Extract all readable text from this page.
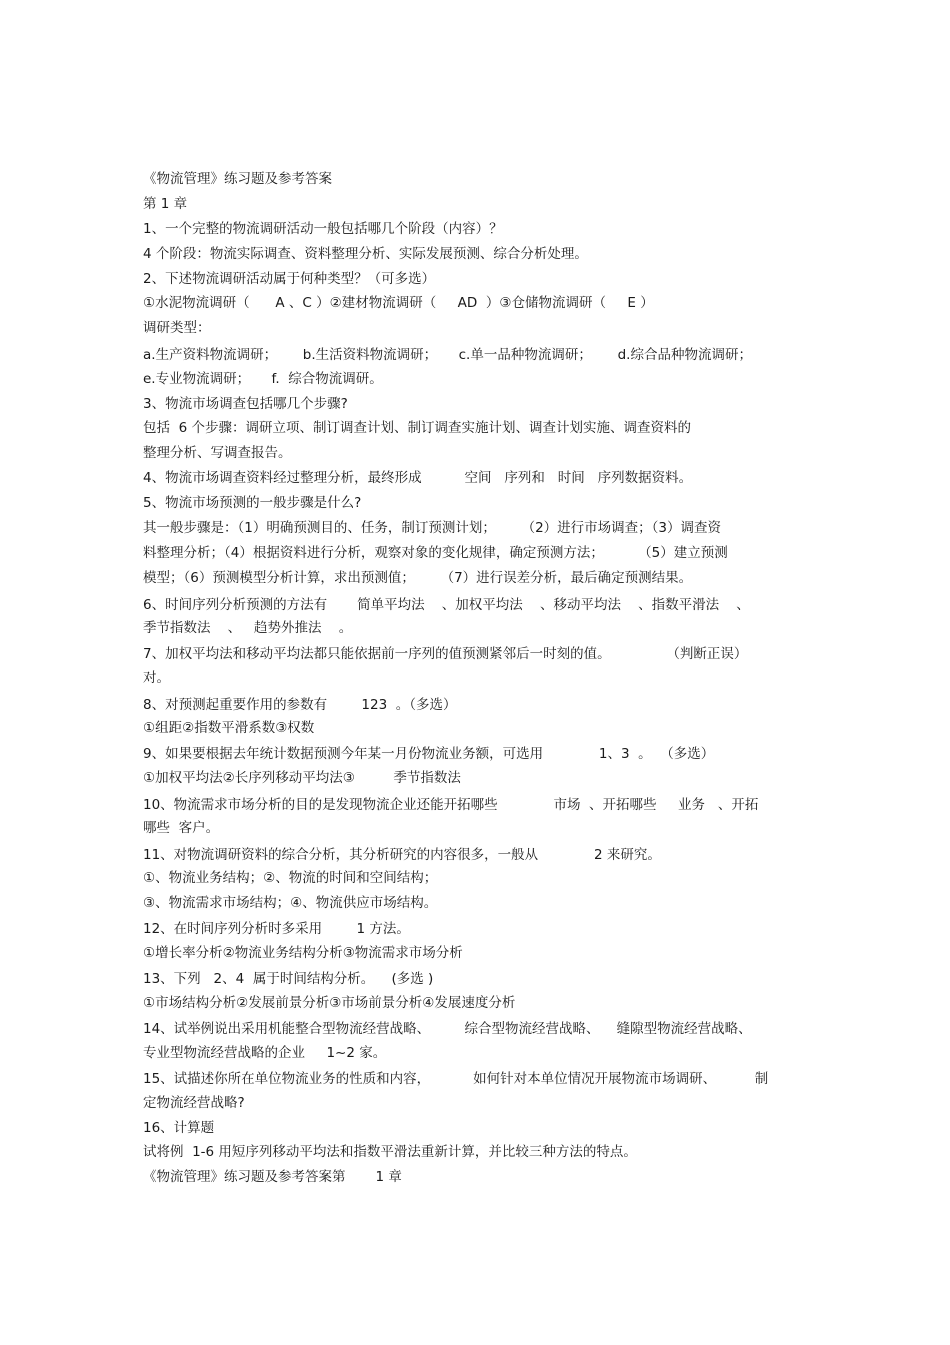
《物流管理》练习题及参考答案
第 1 章
1、一个完整的物流调研活动一般包括哪几个阶段（内容）？
4 个阶段：物流实际调查、资料整理分析、实际发展预测、综合分析处理。
2、下述物流调研活动属于何种类型？（可多选）
①水泥物流调研（      A 、C ）②建材物流调研（     AD  ）③仓储物流调研（     E ）
调研类型：
a.生产资料物流调研；      b.生活资料物流调研；     c.单一品种物流调研；      d.综合品种物流调研；
e.专业物流调研；     f.  综合物流调研。
3、物流市场调查包括哪几个步骤?
包括  6 个步骤：调研立项、制订调查计划、制订调查实施计划、调查计划实施、调查资料的
整理分析、写调查报告。
4、物流市场调查资料经过整理分析，最终形成          空间   序列和   时间   序列数据资料。
5、物流市场预测的一般步骤是什么?
其一般步骤是：（1）明确预测目的、任务，制订预测计划；      （2）进行市场调查；（3）调查资
料整理分析；（4）根据资料进行分析，观察对象的变化规律，确定预测方法；        （5）建立预测
模型；（6）预测模型分析计算，求出预测值；      （7）进行误差分析，最后确定预测结果。
6、时间序列分析预测的方法有       简单平均法    、加权平均法    、移动平均法    、指数平滑法    、
季节指数法    、   趋势外推法    。
7、加权平均法和移动平均法都只能依据前一序列的值预测紧邻后一时刻的值。             （判断正误）
对。
8、对预测起重要作用的参数有        123  。（多选）
①组距②指数平滑系数③权数
9、如果要根据去年统计数据预测今年某一月份物流业务额，可选用             1、3  。  （多选）
①加权平均法②长序列移动平均法③         季节指数法
10、物流需求市场分析的目的是发现物流企业还能开拓哪些             市场  、开拓哪些     业务   、开拓
哪些  客户。
11、对物流调研资料的综合分析，其分析研究的内容很多，一般从             2 来研究。
①、物流业务结构；②、物流的时间和空间结构；
③、物流需求市场结构；④、物流供应市场结构。
12、在时间序列分析时多采用        1 方法。
①增长率分析②物流业务结构分析③物流需求市场分析
13、下列   2、4  属于时间结构分析。    (多选 )
①市场结构分析②发展前景分析③市场前景分析④发展速度分析
14、试举例说出采用机能整合型物流经营战略、        综合型物流经营战略、    缝隙型物流经营战略、
专业型物流经营战略的企业     1~2 家。
15、试描述你所在单位物流业务的性质和内容，          如何针对本单位情况开展物流市场调研、         制
定物流经营战略?
16、计算题
试将例  1-6 用短序列移动平均法和指数平滑法重新计算，并比较三种方法的特点。
《物流管理》练习题及参考答案第       1 章
